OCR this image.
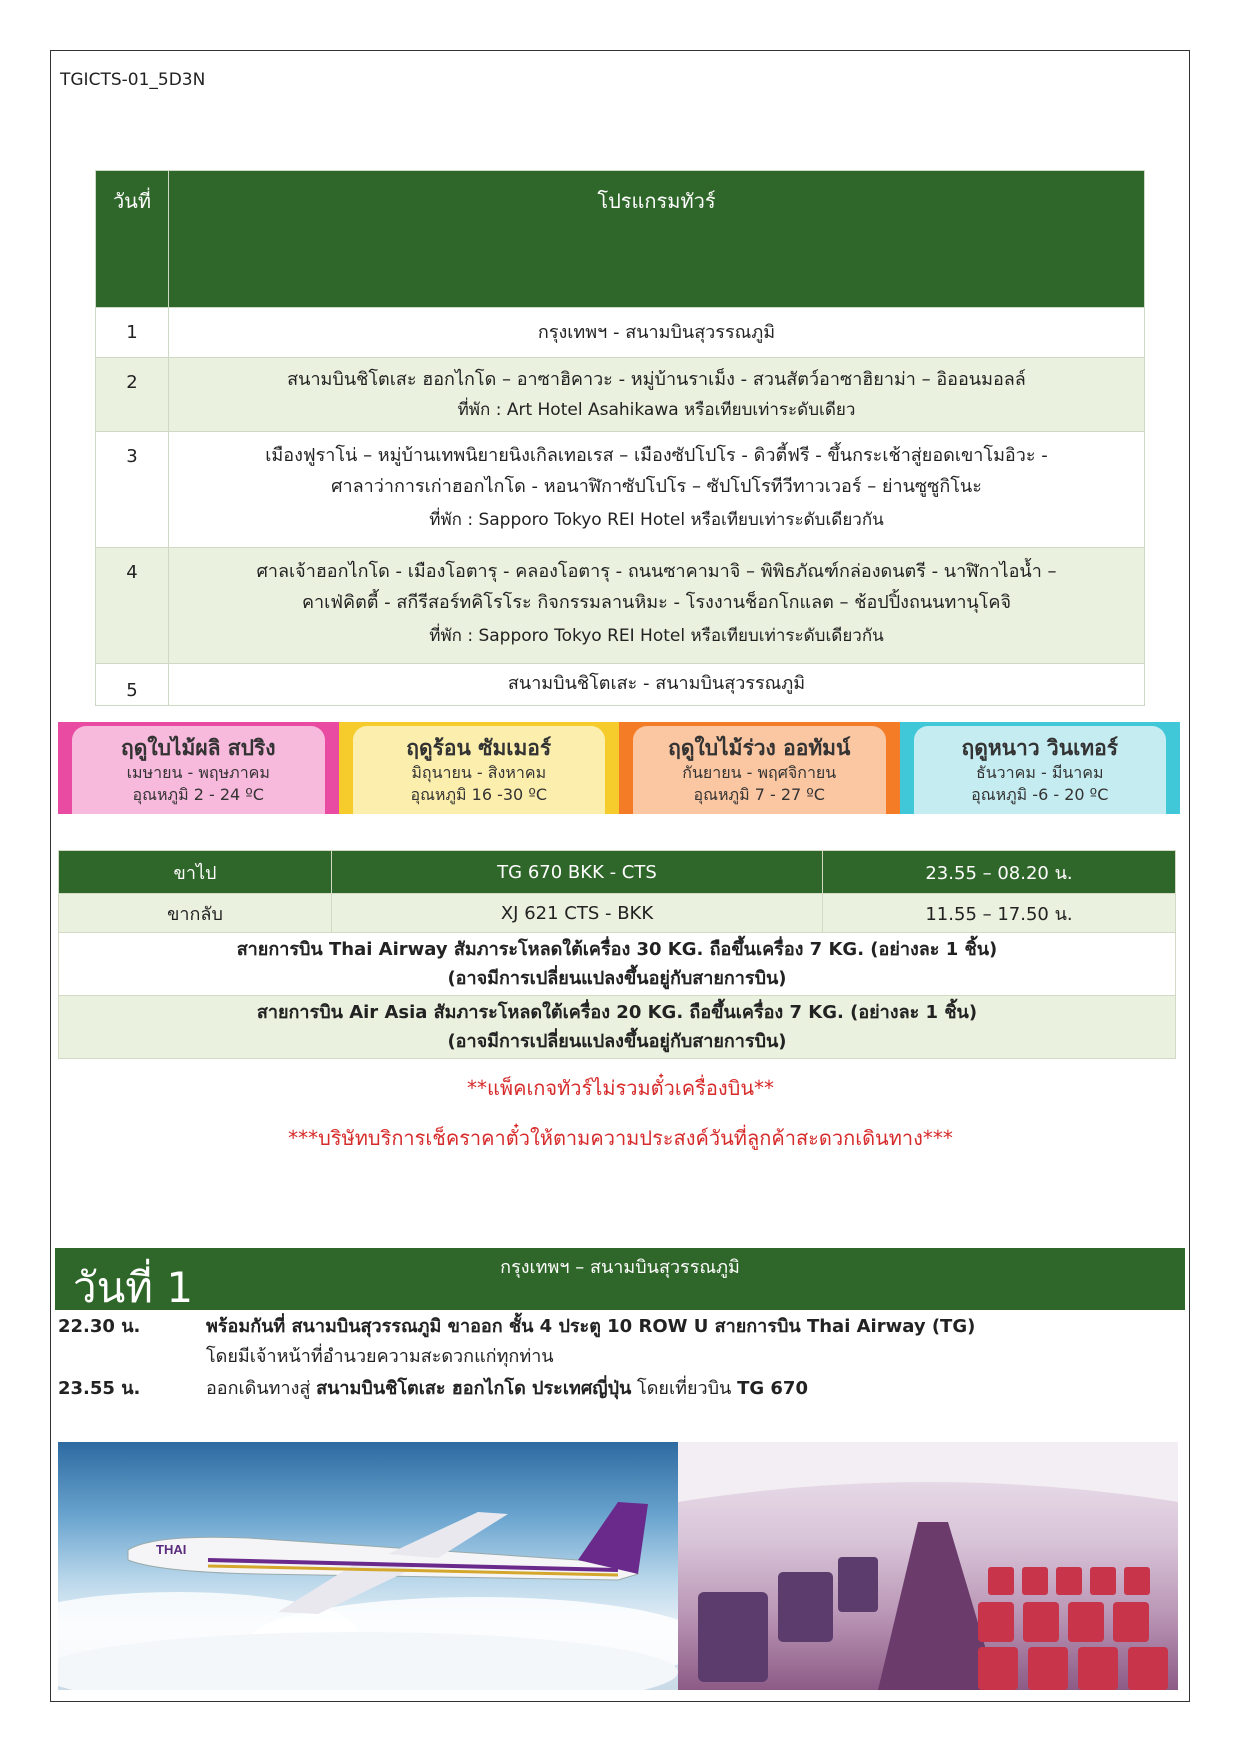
TGICTS-01_5D3N
วันที่	โปรแกรมทัวร์
1	กรุงเทพฯ - สนามบินสุวรรณภูมิ

2	สนามบินชิโตเสะ ฮอกไกโด – อาซาฮิคาวะ - หมู่บ้านราเม็ง - สวนสัตว์อาซาฮิยาม่า – อิออนมอลล์
ที่พัก : Art Hotel Asahikawa หรือเทียบเท่าระดับเดียว

3	เมืองฟูราโน่ – หมู่บ้านเทพนิยายนิงเกิลเทอเรส – เมืองซัปโปโร - ดิวตี้ฟรี - ขึ้นกระเช้าสู่ยอดเขาโมอิวะ -
ศาลาว่าการเก่าฮอกไกโด - หอนาฬิกาซัปโปโร – ซัปโปโรทีวีทาวเวอร์ – ย่านซูซูกิโนะ
ที่พัก : Sapporo Tokyo REI Hotel หรือเทียบเท่าระดับเดียวกัน

4	ศาลเจ้าฮอกไกโด - เมืองโอตารุ - คลองโอตารุ - ถนนซาคามาจิ – พิพิธภัณฑ์กล่องดนตรี - นาฬิกาไอน้ำ –
คาเฟ่คิตตี้ - สกีรีสอร์ทคิโรโระ กิจกรรมลานหิมะ - โรงงานช็อกโกแลต – ช้อปปิ้งถนนทานุโคจิ
ที่พัก : Sapporo Tokyo REI Hotel หรือเทียบเท่าระดับเดียวกัน

5	สนามบินชิโตเสะ - สนามบินสุวรรณภูมิ
ฤดูใบไม้ผลิ สปริง
เมษายน - พฤษภาคม
อุณหภูมิ 2 - 24 ºC
ฤดูร้อน ซัมเมอร์
มิถุนายน - สิงหาคม
อุณหภูมิ 16 -30 ºC
ฤดูใบไม้ร่วง ออทัมน์
กันยายน - พฤศจิกายน
อุณหภูมิ 7 - 27 ºC
ฤดูหนาว วินเทอร์
ธันวาคม - มีนาคม
อุณหภูมิ -6 - 20 ºC
ขาไป	TG 670 BKK - CTS	23.55 – 08.20 น.
ขากลับ	XJ 621 CTS - BKK	11.55 – 17.50 น.

สายการบิน Thai Airway สัมภาระโหลดใต้เครื่อง 30 KG. ถือขึ้นเครื่อง 7 KG. (อย่างละ 1 ชิ้น)
(อาจมีการเปลี่ยนแปลงขึ้นอยู่กับสายการบิน)		

สายการบิน Air Asia สัมภาระโหลดใต้เครื่อง 20 KG. ถือขึ้นเครื่อง 7 KG. (อย่างละ 1 ชิ้น)
(อาจมีการเปลี่ยนแปลงขึ้นอยู่กับสายการบิน)		
**แพ็คเกจทัวร์ไม่รวมตั๋วเครื่องบิน**
***บริษัทบริการเช็คราคาตั๋วให้ตามความประสงค์วันที่ลูกค้าสะดวกเดินทาง***
วันที่ 1	กรุงเทพฯ – สนามบินสุวรรณภูมิ
22.30 น.	พร้อมกันที่ สนามบินสุวรรณภูมิ ขาออก ชั้น 4 ประตู 10 ROW U สายการบิน Thai Airway (TG)
โดยมีเจ้าหน้าที่อำนวยความสะดวกแก่ทุกท่าน
23.55 น.	ออกเดินทางสู่ สนามบินชิโตเสะ ฮอกไกโด ประเทศญี่ปุ่น โดยเที่ยวบิน TG 670
THAI
